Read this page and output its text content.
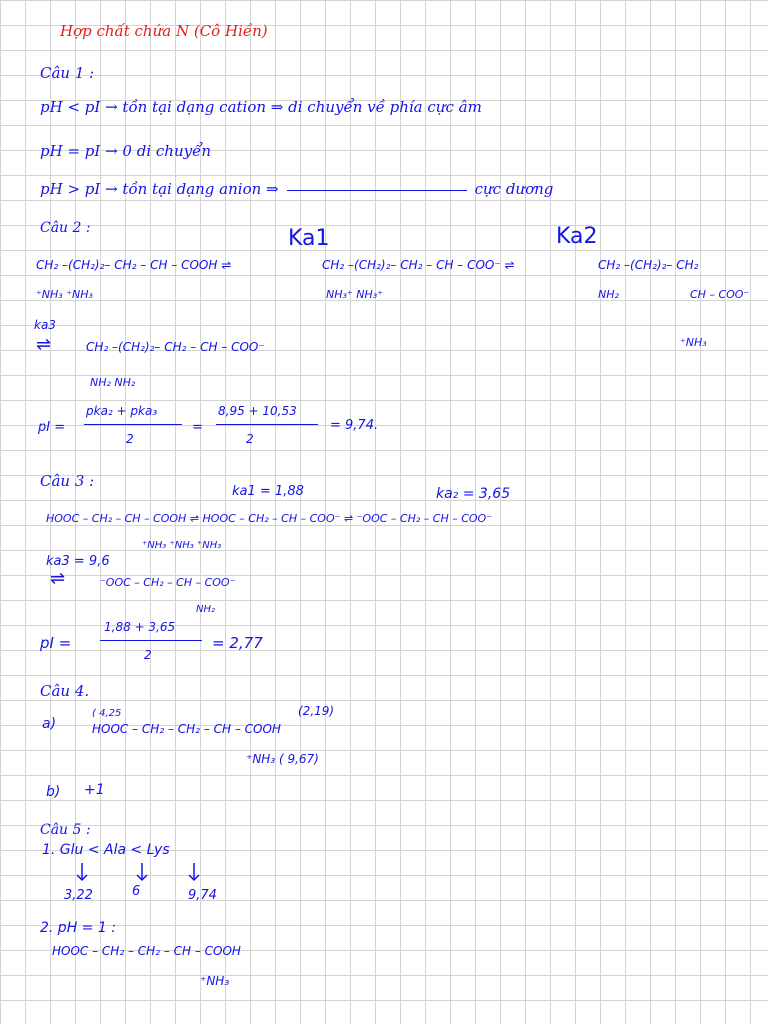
Hợp chất chứa N (Cô Hiền)
Câu 1 :
pH < pI → tồn tại dạng cation ⇒ di chuyển về phía cực âm
pH = pI → 0 di chuyển
pH > pI → tồn tại dạng anion ⇒	cực dương
Câu 2 :	Ka1	Ka2
CH₂ –(CH₂)₂– CH₂ – CH – COOH ⇌
⁺NH₃ ⁺NH₃
CH₂ –(CH₂)₂– CH₂ – CH – COO⁻ ⇌
NH₃⁺ NH₃⁺
CH₂ –(CH₂)₂– CH₂
NH₂	CH – COO⁻
⁺NH₃
ka3
⇌	CH₂ –(CH₂)₂– CH₂ – CH – COO⁻
NH₂ NH₂
pI =
pka₂ + pka₃
2
=
8,95 + 10,53
2
= 9,74.
Câu 3 :
ka1 = 1,88	ka₂ = 3,65
HOOC – CH₂ – CH – COOH ⇌ HOOC – CH₂ – CH – COO⁻ ⇌ ⁻OOC – CH₂ – CH – COO⁻
⁺NH₃ ⁺NH₃ ⁺NH₃
ka3 = 9,6
⇌	⁻OOC – CH₂ – CH – COO⁻
NH₂
pI =
1,88 + 3,65
2
= 2,77
Câu 4.
( 4,25	(2,19)
a)	HOOC – CH₂ – CH₂ – CH – COOH
⁺NH₃ ( 9,67)
b) +1
Câu 5 :
1. Glu < Ala < Lys
3,22	6	9,74
2. pH = 1 :
HOOC – CH₂ – CH₂ – CH – COOH
⁺NH₃
